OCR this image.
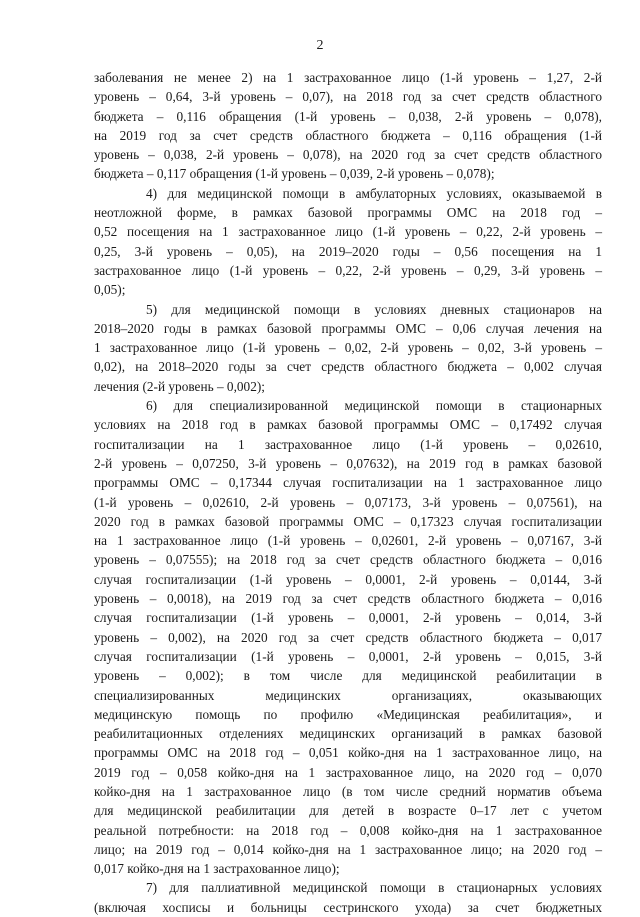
2
заболевания не менее 2) на 1 застрахованное лицо (1-й уровень – 1,27, 2-й
уровень – 0,64, 3-й уровень – 0,07), на 2018 год за счет средств областного
бюджета – 0,116 обращения (1-й уровень – 0,038, 2-й уровень – 0,078),
на 2019 год за счет средств областного бюджета – 0,116 обращения (1-й
уровень – 0,038, 2-й уровень – 0,078), на 2020 год за счет средств областного
бюджета – 0,117 обращения (1-й уровень – 0,039, 2-й уровень – 0,078);
4) для медицинской помощи в амбулаторных условиях, оказываемой в
неотложной форме, в рамках базовой программы ОМС на 2018 год –
0,52 посещения на 1 застрахованное лицо (1-й уровень – 0,22, 2-й уровень –
0,25, 3-й уровень – 0,05), на 2019–2020 годы – 0,56 посещения на 1
застрахованное лицо (1-й уровень – 0,22, 2-й уровень – 0,29, 3-й уровень –
0,05);
5) для медицинской помощи в условиях дневных стационаров на
2018–2020 годы в рамках базовой программы ОМС – 0,06 случая лечения на
1 застрахованное лицо (1-й уровень – 0,02, 2-й уровень – 0,02, 3-й уровень –
0,02), на 2018–2020 годы за счет средств областного бюджета – 0,002 случая
лечения (2-й уровень – 0,002);
6) для специализированной медицинской помощи в стационарных
условиях на 2018 год в рамках базовой программы ОМС – 0,17492 случая
госпитализации на 1 застрахованное лицо (1-й уровень – 0,02610,
2-й уровень – 0,07250, 3-й уровень – 0,07632), на 2019 год в рамках базовой
программы ОМС – 0,17344 случая госпитализации на 1 застрахованное лицо
(1-й уровень – 0,02610, 2-й уровень – 0,07173, 3-й уровень – 0,07561), на
2020 год в рамках базовой программы ОМС – 0,17323 случая госпитализации
на 1 застрахованное лицо (1-й уровень – 0,02601, 2-й уровень – 0,07167, 3-й
уровень – 0,07555); на 2018 год за счет средств областного бюджета – 0,016
случая госпитализации (1-й уровень – 0,0001, 2-й уровень – 0,0144, 3-й
уровень – 0,0018), на 2019 год за счет средств областного бюджета – 0,016
случая госпитализации (1-й уровень – 0,0001, 2-й уровень – 0,014, 3-й
уровень – 0,002), на 2020 год за счет средств областного бюджета – 0,017
случая госпитализации (1-й уровень – 0,0001, 2-й уровень – 0,015, 3-й
уровень – 0,002); в том числе для медицинской реабилитации в
специализированных медицинских организациях, оказывающих
медицинскую помощь по профилю «Медицинская реабилитация», и
реабилитационных отделениях медицинских организаций в рамках базовой
программы ОМС на 2018 год – 0,051 койко-дня на 1 застрахованное лицо, на
2019 год – 0,058 койко-дня на 1 застрахованное лицо, на 2020 год – 0,070
койко-дня на 1 застрахованное лицо (в том числе средний норматив объема
для медицинской реабилитации для детей в возрасте 0–17 лет с учетом
реальной потребности: на 2018 год – 0,008 койко-дня на 1 застрахованное
лицо; на 2019 год – 0,014 койко-дня на 1 застрахованное лицо; на 2020 год –
0,017 койко-дня на 1 застрахованное лицо);
7) для паллиативной медицинской помощи в стационарных условиях
(включая хосписы и больницы сестринского ухода) за счет бюджетных
